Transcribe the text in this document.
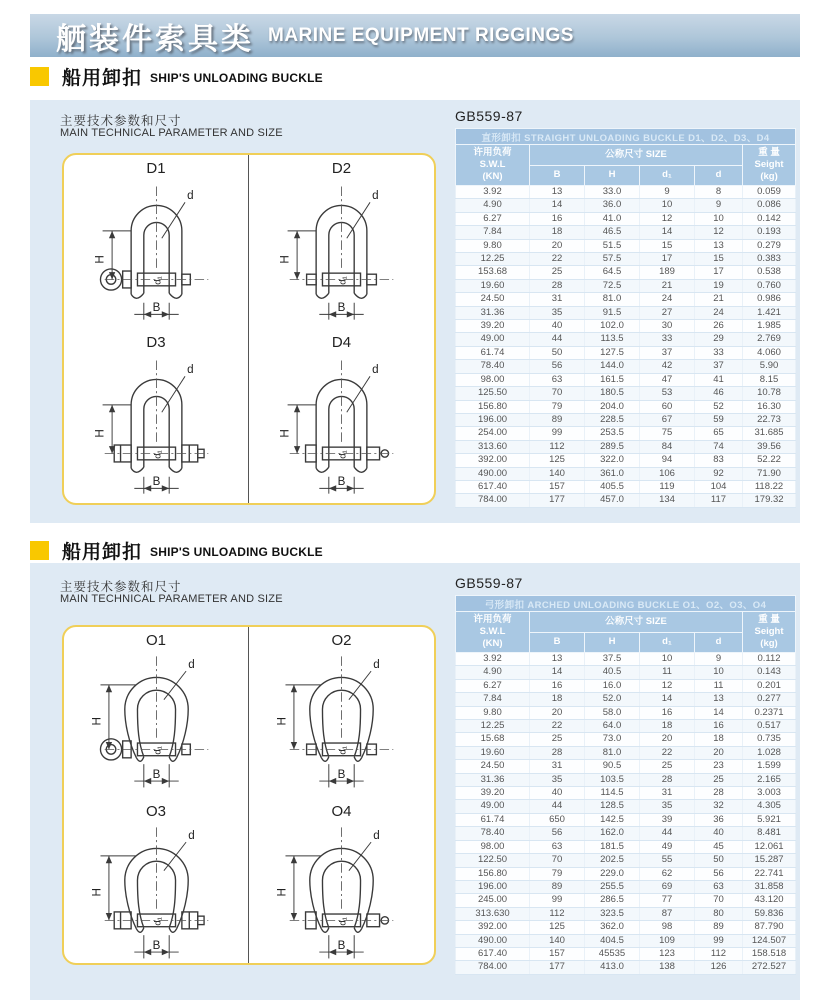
舾装件索具类 MARINE EQUIPMENT RIGGINGS
船用卸扣 SHIP'S UNLOADING BUCKLE
主要技术参数和尺寸
MAIN TECHNICAL PARAMETER AND SIZE
D1
d
H
d₁
B
D2
d
H
d₁
B
D3
d
H
d₁
B
D4
d
H
d₁
B
GB559-87
直形卸扣 STRAIGHT UNLOADING BUCKLE D1、D2、D3、D4					
许用负荷
S.W.L
(KN)	公称尺寸 SIZE				重 量
Seight
(kg)
	B	H	d₁	d	
3.92	13	33.0	9	8	0.059
4.90	14	36.0	10	9	0.086
6.27	16	41.0	12	10	0.142
7.84	18	46.5	14	12	0.193
9.80	20	51.5	15	13	0.279
12.25	22	57.5	17	15	0.383
153.68	25	64.5	189	17	0.538
19.60	28	72.5	21	19	0.760
24.50	31	81.0	24	21	0.986
31.36	35	91.5	27	24	1.421
39.20	40	102.0	30	26	1.985
49.00	44	113.5	33	29	2.769
61.74	50	127.5	37	33	4.060
78.40	56	144.0	42	37	5.90
98.00	63	161.5	47	41	8.15
125.50	70	180.5	53	46	10.78
156.80	79	204.0	60	52	16.30
196.00	89	228.5	67	59	22.73
254.00	99	253.5	75	65	31.685
313.60	112	289.5	84	74	39.56
392.00	125	322.0	94	83	52.22
490.00	140	361.0	106	92	71.90
617.40	157	405.5	119	104	118.22
784.00	177	457.0	134	117	179.32
船用卸扣 SHIP'S UNLOADING BUCKLE
主要技术参数和尺寸
MAIN TECHNICAL PARAMETER AND SIZE
O1
d
H
d₁
B
O2
d
H
d₁
B
O3
d
H
d₁
B
O4
d
H
d₁
B
GB559-87
弓形卸扣 ARCHED UNLOADING BUCKLE O1、O2、O3、O4					
许用负荷
S.W.L
(KN)	公称尺寸 SIZE				重 量
Seight
(kg)
	B	H	d₁	d	
3.92	13	37.5	10	9	0.112
4.90	14	40.5	11	10	0.143
6.27	16	16.0	12	11	0.201
7.84	18	52.0	14	13	0.277
9.80	20	58.0	16	14	0.2371
12.25	22	64.0	18	16	0.517
15.68	25	73.0	20	18	0.735
19.60	28	81.0	22	20	1.028
24.50	31	90.5	25	23	1.599
31.36	35	103.5	28	25	2.165
39.20	40	114.5	31	28	3.003
49.00	44	128.5	35	32	4.305
61.74	650	142.5	39	36	5.921
78.40	56	162.0	44	40	8.481
98.00	63	181.5	49	45	12.061
122.50	70	202.5	55	50	15.287
156.80	79	229.0	62	56	22.741
196.00	89	255.5	69	63	31.858
245.00	99	286.5	77	70	43.120
313.630	112	323.5	87	80	59.836
392.00	125	362.0	98	89	87.790
490.00	140	404.5	109	99	124.507
617.40	157	45535	123	112	158.518
784.00	177	413.0	138	126	272.527
